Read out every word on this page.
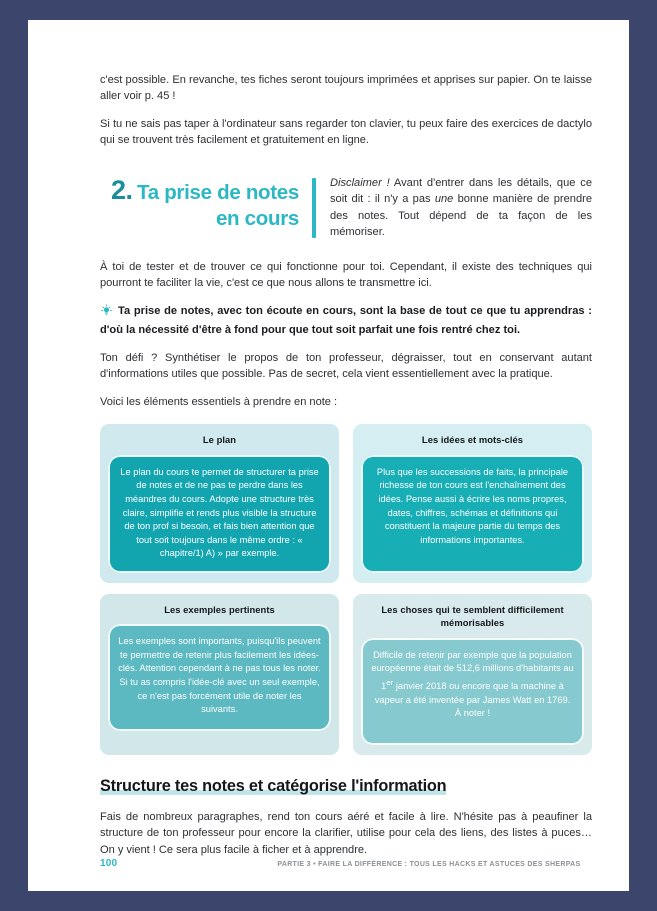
c'est possible. En revanche, tes fiches seront toujours imprimées et apprises sur papier. On te laisse aller voir p. 45 !

Si tu ne sais pas taper à l'ordinateur sans regarder ton clavier, tu peux faire des exercices de dactylo qui se trouvent très facilement et gratuitement en ligne.

2. Ta prise de notes
en cours
Disclaimer ! Avant d'entrer dans les détails, que ce soit dit : il n'y a pas une bonne manière de prendre des notes. Tout dépend de ta façon de les mémoriser.

À toi de tester et de trouver ce qui fonctionne pour toi. Cependant, il existe des techniques qui pourront te faciliter la vie, c'est ce que nous allons te transmettre ici.

Ta prise de notes, avec ton écoute en cours, sont la base de tout ce que tu apprendras : d'où la nécessité d'être à fond pour que tout soit parfait une fois rentré chez toi.

Ton défi ? Synthétiser le propos de ton professeur, dégraisser, tout en conservant autant d'informations utiles que possible. Pas de secret, cela vient essentiellement avec la pratique.

Voici les éléments essentiels à prendre en note :

Le plan
Le plan du cours te permet de structurer ta prise de notes et de ne pas te perdre dans les méandres du cours. Adopte une structure très claire, simplifie et rends plus visible la structure de ton prof si besoin, et fais bien attention que tout soit toujours dans le même ordre : « chapitre/1) A) » par exemple.
Les idées et mots-clés
Plus que les successions de faits, la principale richesse de ton cours est l'enchaînement des idées. Pense aussi à écrire les noms propres, dates, chiffres, schémas et définitions qui constituent la majeure partie du temps des informations importantes.
Les exemples pertinents
Les exemples sont importants, puisqu'ils peuvent te permettre de retenir plus facilement les idées-clés. Attention cependant à ne pas tous les noter. Si tu as compris l'idée-clé avec un seul exemple, ce n'est pas forcément utile de noter les suivants.
Les choses qui te semblent difficilement mémorisables
Difficile de retenir par exemple que la population européenne était de 512,6 millions d'habitants au 1er janvier 2018 ou encore que la machine à vapeur a été inventée par James Watt en 1769. À noter !
Structure tes notes et catégorise l'information

Fais de nombreux paragraphes, rend ton cours aéré et facile à lire. N'hésite pas à peaufiner la structure de ton professeur pour encore la clarifier, utilise pour cela des liens, des listes à puces… On y vient ! Ce sera plus facile à ficher et à apprendre.

100	PARTIE 3 • FAIRE LA DIFFÉRENCE : TOUS LES HACKS ET ASTUCES DES SHERPAS
